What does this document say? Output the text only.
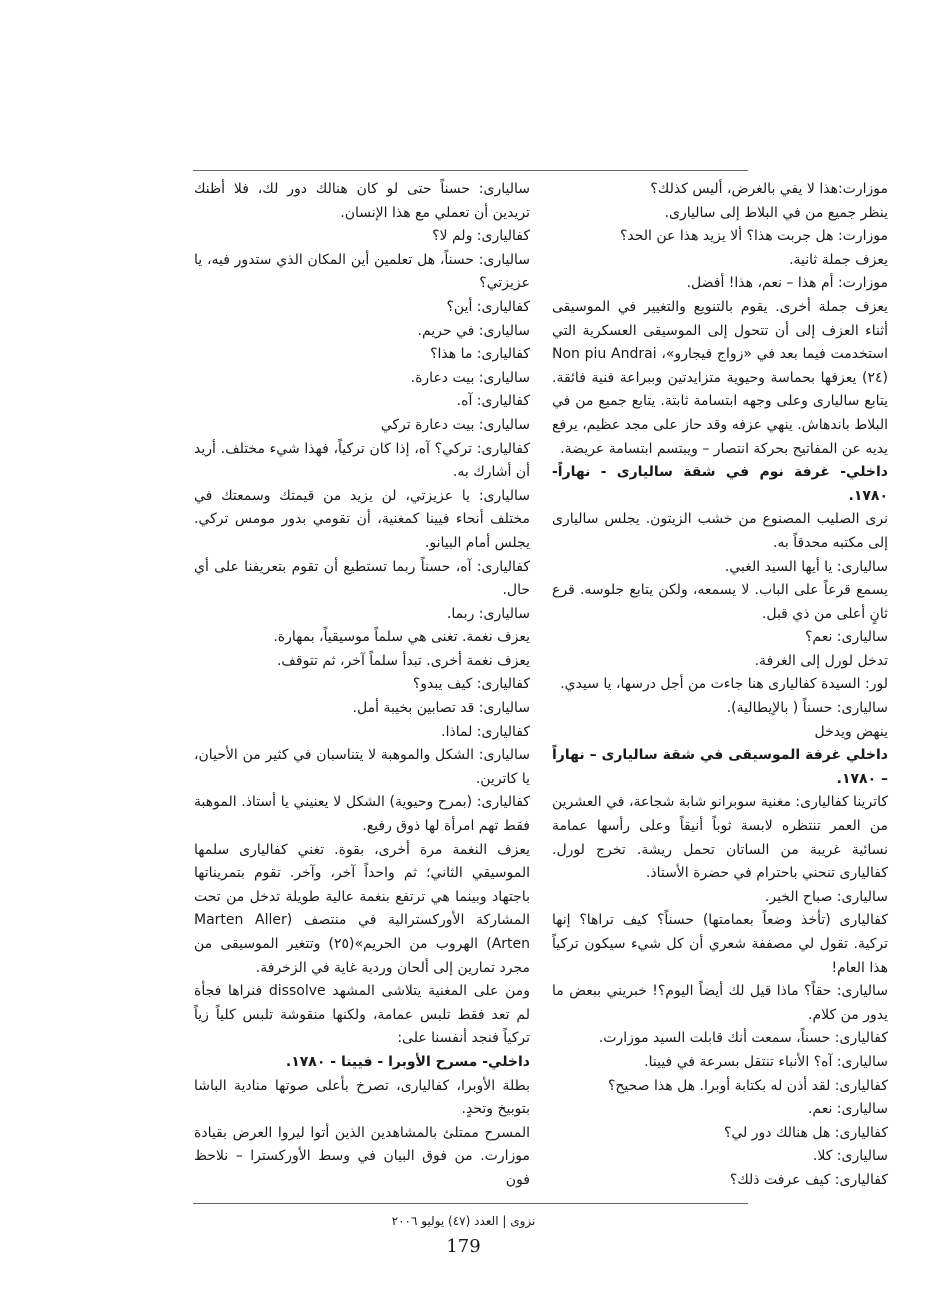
موزارت:هذا لا يفي بالغرض، أليس كذلك؟

ينظر جميع من في البلاط إلى ساليارى.

موزارت: هل جربت هذا؟ ألا يزيد هذا عن الحد؟

يعزف جملة ثانية.

موزارت: أم هذا – نعم، هذا! أفضل.

يعزف جملة أخرى. يقوم بالتنويع والتغيير في الموسيقى أثناء العزف إلى أن تتحول إلى الموسيقى العسكرية التي استخدمت فيما بعد في «زواج فيجارو»، Non piu Andrai (٢٤) يعزفها بحماسة وحيوية متزايدتين وببراعة فنية فائقة. يتابع ساليارى وعلى وجهه ابتسامة ثابتة. يتابع جميع من في البلاط باندهاش. ينهي عزفه وقد حاز على مجد عظيم، يرفع يديه عن المفاتيح بحركة انتصار – ويبتسم ابتسامة عريضة.

داخلي- غرفة نوم في شقة ساليارى - نهاراً- ١٧٨٠.

نرى الصليب المصنوع من خشب الزيتون. يجلس ساليارى إلى مكتبه محدقاً به.

ساليارى: يا أيها السيد الغبي.

يسمع قرعاً على الباب. لا يسمعه، ولكن يتابع جلوسه. قرع ثانٍ أعلى من ذي قبل.

ساليارى: نعم؟

تدخل لورل إلى الغرفة.

لور: السيدة كفاليارى هنا جاءت من أجل درسها، يا سيدي.

ساليارى: حسناً ( بالإيطالية).

ينهض ويدخل

داخلي غرفة الموسيقى في شقة ساليارى – نهاراً – ١٧٨٠.

كاترينا كفاليارى: مغنية سوبرانو شابة شجاعة، في العشرين من العمر تنتظره لابسة ثوباً أنيقاً وعلى رأسها عمامة نسائية غريبة من الساتان تحمل ريشة. تخرج لورل. كفاليارى تنحني باحترام في حضرة الأستاذ.

ساليارى: صباح الخير.

كفاليارى (تأخذ وضعاً بعمامتها) حسناً؟ كيف تراها؟ إنها تركية. تقول لي مصففة شعري أن كل شيء سيكون تركياً هذا العام!

ساليارى: حقاً؟ ماذا قيل لك أيضاً اليوم؟! خبريني ببعض ما يدور من كلام.

كفاليارى: حسناً، سمعت أنك قابلت السيد موزارت.

ساليارى: آه؟ الأنباء تنتقل بسرعة في فيينا.

كفاليارى: لقد أذن له بكتابة أوبرا. هل هذا صحيح؟

ساليارى: نعم.

كفاليارى: هل هنالك دور لي؟

ساليارى: كلا.

كفاليارى: كيف عرفت ذلك؟

ساليارى: حسناً حتى لو كان هنالك دور لك، فلا أظنك تريدين أن تعملي مع هذا الإنسان.

كفاليارى: ولم لا؟

ساليارى: حسناً، هل تعلمين أين المكان الذي ستدور فيه، يا عزيزتي؟

كفاليارى: أين؟

ساليارى: في حريم.

كفاليارى: ما هذا؟

ساليارى: بيت دعارة.

كفاليارى: آه.

ساليارى: بيت دعارة تركي

كفاليارى: تركي؟ آه، إذا كان تركياً، فهذا شيء مختلف. أريد أن أشارك به.

ساليارى: يا عزيزتي، لن يزيد من قيمتك وسمعتك في مختلف أنحاء فيينا كمغنية، أن تقومي بدور مومس تركي. يجلس أمام البيانو.

كفاليارى: آه، حسناً ربما تستطيع أن تقوم بتعريفنا على أي حال.

ساليارى: ربما.

يعزف نغمة. تغنى هي سلماً موسيقياً، بمهارة.

يعزف نغمة أخرى. تبدأ سلماً آخر، ثم تتوقف.

كفاليارى: كيف يبدو؟

ساليارى: قد تصابين بخيبة أمل.

كفاليارى: لماذا.

ساليارى: الشكل والموهبة لا يتناسبان في كثير من الأحيان، يا كاترين.

كفاليارى: (بمرح وحيوية) الشكل لا يعنيني يا أستاذ. الموهبة فقط تهم امرأة لها ذوق رفيع.

يعزف النغمة مرة أخرى، بقوة. تغني كفاليارى سلمها الموسيقي الثاني؛ ثم واحداً آخر، وآخر. تقوم بتمريناتها باجتهاد وبينما هي ترتفع بنغمة عالية طويلة تدخل من تحت المشاركة الأوركسترالية في منتصف (Marten Aller Arten) الهروب من الحريم»(٢٥) وتتغير الموسيقى من مجرد تمارين إلى ألحان وردية غاية في الزخرفة.

ومن على المغنية يتلاشى المشهد dissolve فنراها فجأة لم تعد فقط تلبس عمامة، ولكنها منقوشة تلبس كلياً زياً تركياً فنجد أنفسنا على:

داخلي- مسرح الأوبرا - فيينا - ١٧٨٠.

بطلة الأوبرا، كفاليارى، تصرخ بأعلى صوتها منادية الباشا بتوبيخ وتحدٍ.

المسرح ممتلئ بالمشاهدين الذين أتوا ليروا العرض بقيادة موزارت. من فوق البيان في وسط الأوركسترا – نلاحظ فون

نزوى | العدد (٤٧) يوليو ٢٠٠٦
179
